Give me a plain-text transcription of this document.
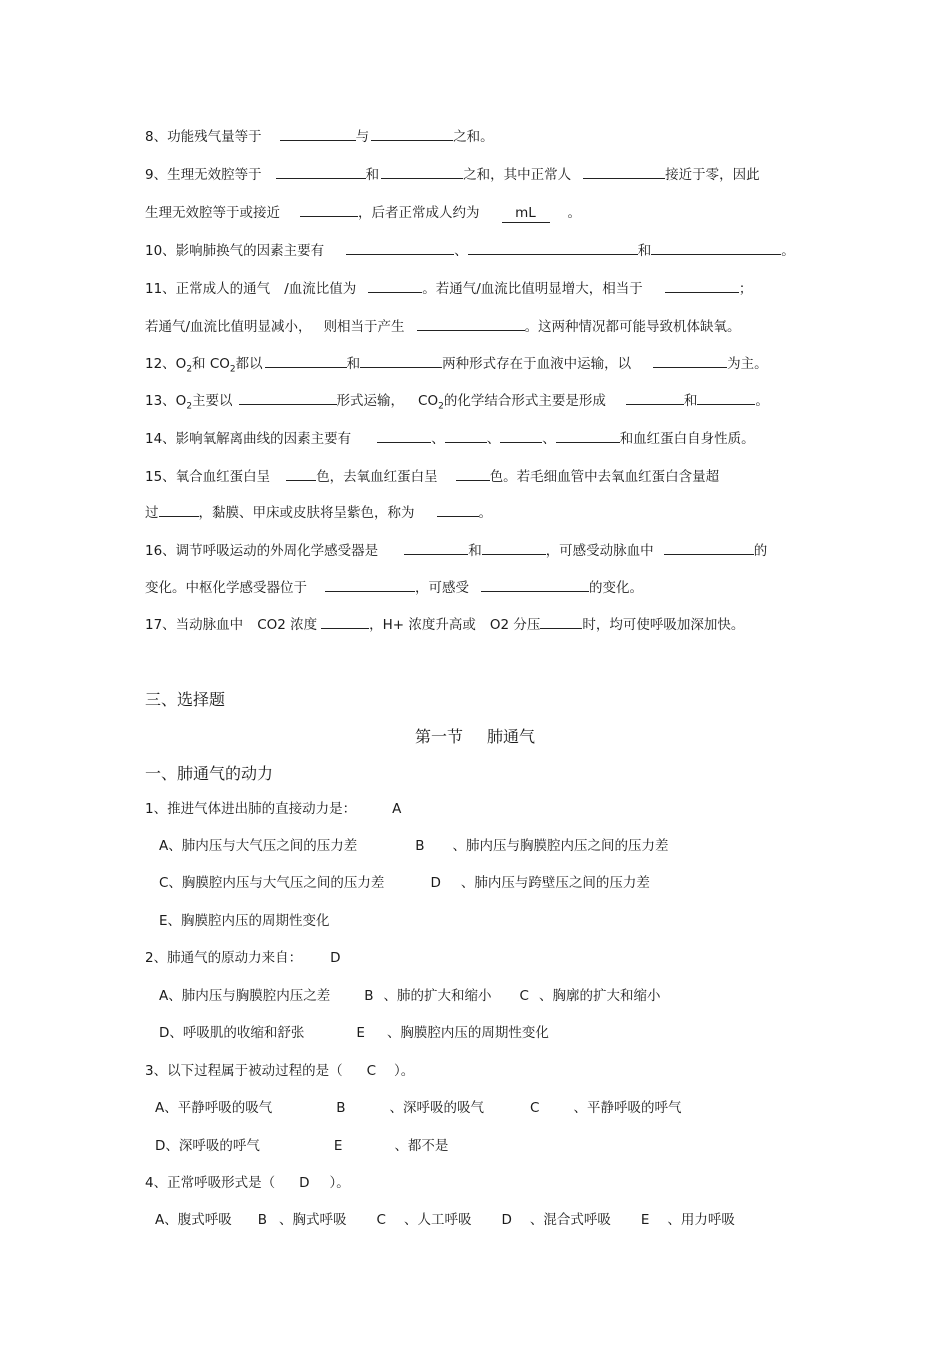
8、功能残气量等于	与	之和。
9、生理无效腔等于	和	之和，其中正常人	接近于零，因此
生理无效腔等于或接近	，后者正常成人约为	mL 。
10、影响肺换气的因素主要有	、	和	。
11、正常成人的通气 /血流比值为	。若通气/血流比值明显增大，相当于	；
若通气/血流比值明显减小， 则相当于产生	。这两种情况都可能导致机体缺氧。
12、$O_2$和 $CO_2$都以	和	两种形式存在于血液中运输，以	为主。
13、$O_2$主要以	形式运输， $CO_2$的化学结合形式主要是形成	和	。
14、影响氧解离曲线的因素主要有	、	、	、	和血红蛋白自身性质。
15、氧合血红蛋白呈	色，去氧血红蛋白呈	色。若毛细血管中去氧血红蛋白含量超
过	，黏膜、甲床或皮肤将呈紫色，称为	。
16、调节呼吸运动的外周化学感受器是	和	，可感受动脉血中	的
变化。中枢化学感受器位于	，可感受	的变化。
17、当动脉血中 CO2 浓度	，H+ 浓度升高或 O2 分压	时，均可使呼吸加深加快。
三、选择题
第一节 肺通气
一、肺通气的动力
1、推进气体进出肺的直接动力是：	A
A、肺内压与大气压之间的压力差	B 、肺内压与胸膜腔内压之间的压力差
C、胸膜腔内压与大气压之间的压力差	D 、肺内压与跨壁压之间的压力差
E、胸膜腔内压的周期性变化
2、肺通气的原动力来自： D
A、肺内压与胸膜腔内压之差	B 、肺的扩大和缩小 C 、胸廓的扩大和缩小
D、呼吸肌的收缩和舒张	E 、胸膜腔内压的周期性变化
3、以下过程属于被动过程的是（ C ）。
A、平静呼吸的吸气	B	、深呼吸的吸气	C	、平静呼吸的呼气
D、深呼吸的呼气	E	、都不是
4、正常呼吸形式是（ D ）。
A、腹式呼吸 B 、胸式呼吸 C 、人工呼吸 D 、混合式呼吸 E 、用力呼吸
